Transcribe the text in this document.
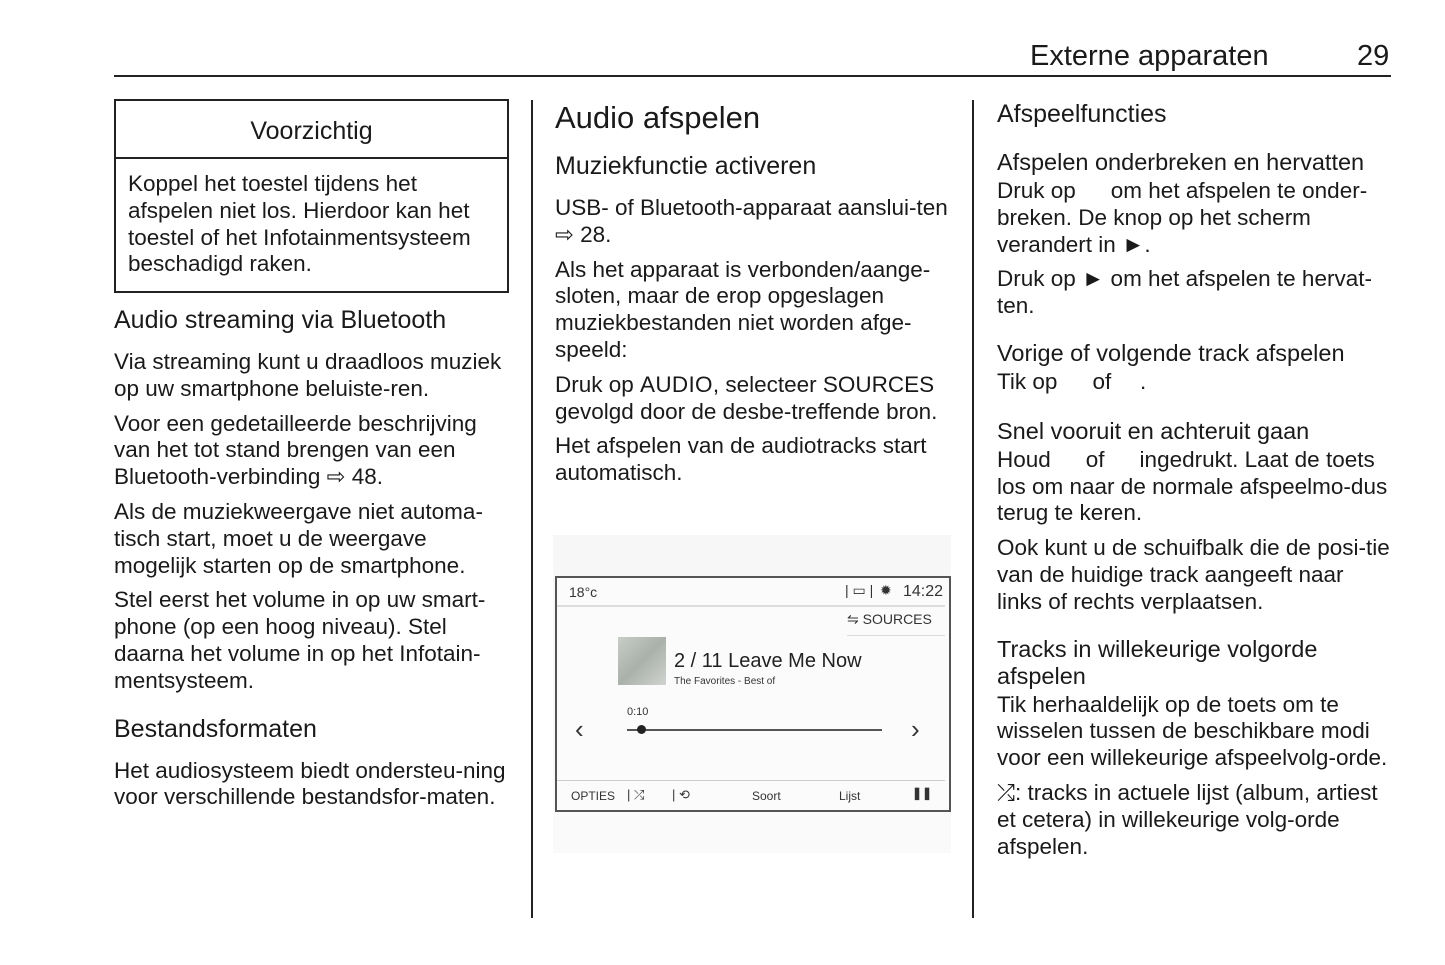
Externe apparaten	29
Voorzichtig

Koppel het toestel tijdens het afspelen niet los. Hierdoor kan het toestel of het Infotainmentsysteem beschadigd raken.

Audio streaming via Bluetooth

Via streaming kunt u draadloos muziek op uw smartphone beluiste-ren.

Voor een gedetailleerde beschrijving van het tot stand brengen van een Bluetooth-verbinding ⇨ 48.

Als de muziekweergave niet automa-tisch start, moet u de weergave mogelijk starten op de smartphone.

Stel eerst het volume in op uw smart-phone (op een hoog niveau). Stel daarna het volume in op het Infotain-mentsysteem.

Bestandsformaten

Het audiosysteem biedt ondersteu-ning voor verschillende bestandsfor-maten.

Audio afspelen

Muziekfunctie activeren

USB- of Bluetooth-apparaat aanslui-ten ⇨ 28.

Als het apparaat is verbonden/aange-sloten, maar de erop opgeslagen muziekbestanden niet worden afge-speeld:

Druk op AUDIO, selecteer SOURCES gevolgd door de desbe-treffende bron.

Het afspelen van de audiotracks start automatisch.

18°c	| ▭ | ✹ 14:22
⇋ SOURCES
2 / 11 Leave Me Now
The Favorites - Best of
0:10
‹	›
OPTIES | ⤮ | ⟲	Soort	Lijst	❚❚

Afspeelfuncties

Afspelen onderbreken en hervatten

Druk op   om het afspelen te onder-breken. De knop op het scherm verandert in ►.

Druk op ► om het afspelen te hervat-ten.

Vorige of volgende track afspelen

Tik op   of  .

Snel vooruit en achteruit gaan

Houd   of   ingedrukt. Laat de toets los om naar de normale afspeelmo-dus terug te keren.

Ook kunt u de schuifbalk die de posi-tie van de huidige track aangeeft naar links of rechts verplaatsen.

Tracks in willekeurige volgorde afspelen

Tik herhaaldelijk op de toets om te wisselen tussen de beschikbare modi voor een willekeurige afspeelvolg-orde.

⤮: tracks in actuele lijst (album, artiest et cetera) in willekeurige volg-orde afspelen.
